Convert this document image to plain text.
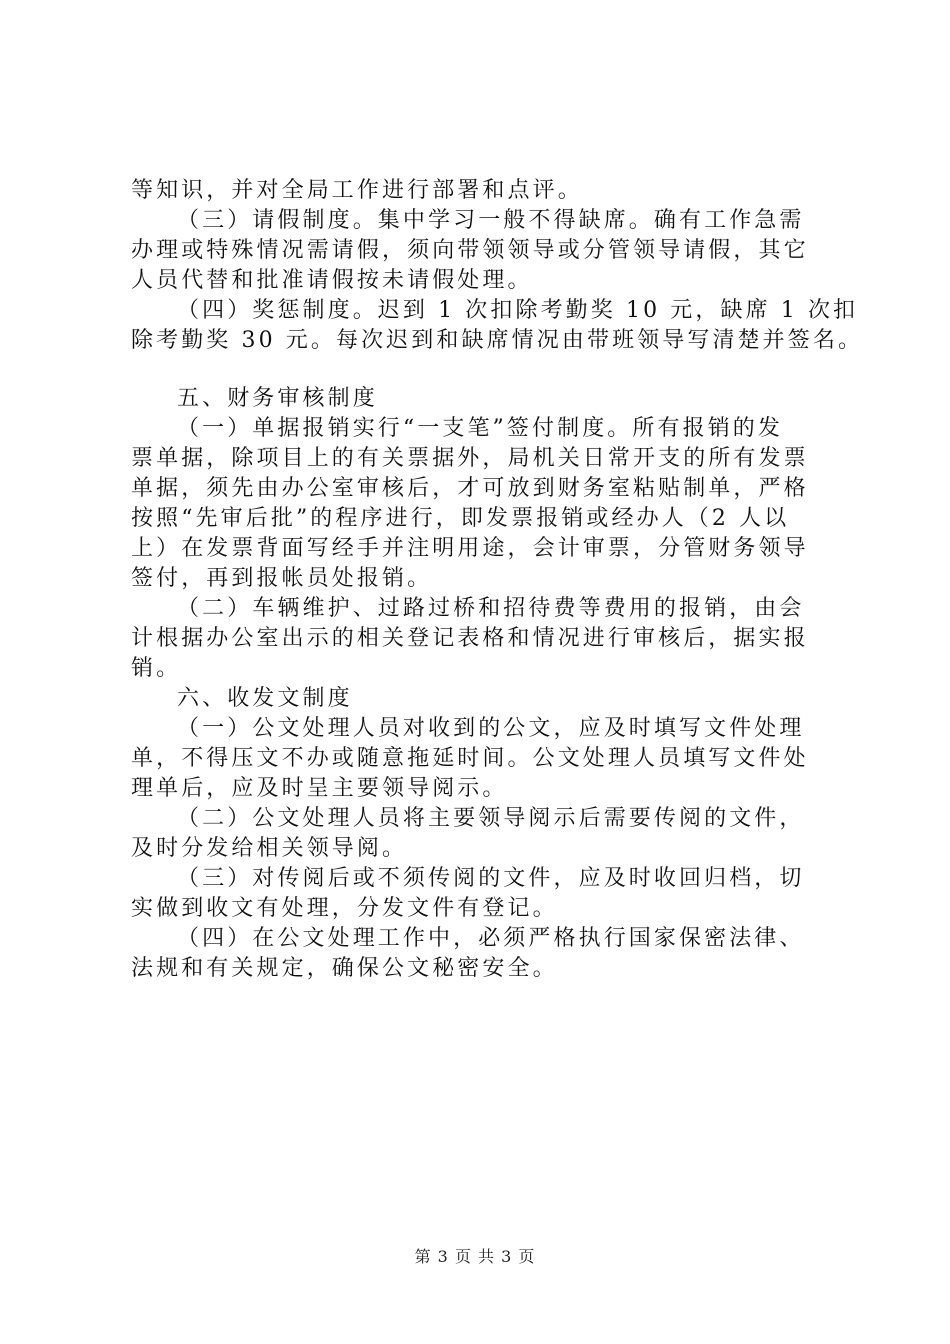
等知识，并对全局工作进行部署和点评。

（三）请假制度。集中学习一般不得缺席。确有工作急需
办理或特殊情况需请假，须向带领领导或分管领导请假，其它
人员代替和批准请假按未请假处理。

（四）奖惩制度。迟到 1 次扣除考勤奖 10 元，缺席 1 次扣
除考勤奖 30 元。每次迟到和缺席情况由带班领导写清楚并签名。

五、财务审核制度

（一）单据报销实行“一支笔”签付制度。所有报销的发
票单据，除项目上的有关票据外，局机关日常开支的所有发票
单据，须先由办公室审核后，才可放到财务室粘贴制单，严格
按照“先审后批”的程序进行，即发票报销或经办人（2 人以
上）在发票背面写经手并注明用途，会计审票，分管财务领导
签付，再到报帐员处报销。

（二）车辆维护、过路过桥和招待费等费用的报销，由会
计根据办公室出示的相关登记表格和情况进行审核后，据实报
销。

六、收发文制度

（一）公文处理人员对收到的公文，应及时填写文件处理
单，不得压文不办或随意拖延时间。公文处理人员填写文件处
理单后，应及时呈主要领导阅示。

（二）公文处理人员将主要领导阅示后需要传阅的文件，
及时分发给相关领导阅。

（三）对传阅后或不须传阅的文件，应及时收回归档，切
实做到收文有处理，分发文件有登记。

（四）在公文处理工作中，必须严格执行国家保密法律、
法规和有关规定，确保公文秘密安全。

第 3 页 共 3 页
